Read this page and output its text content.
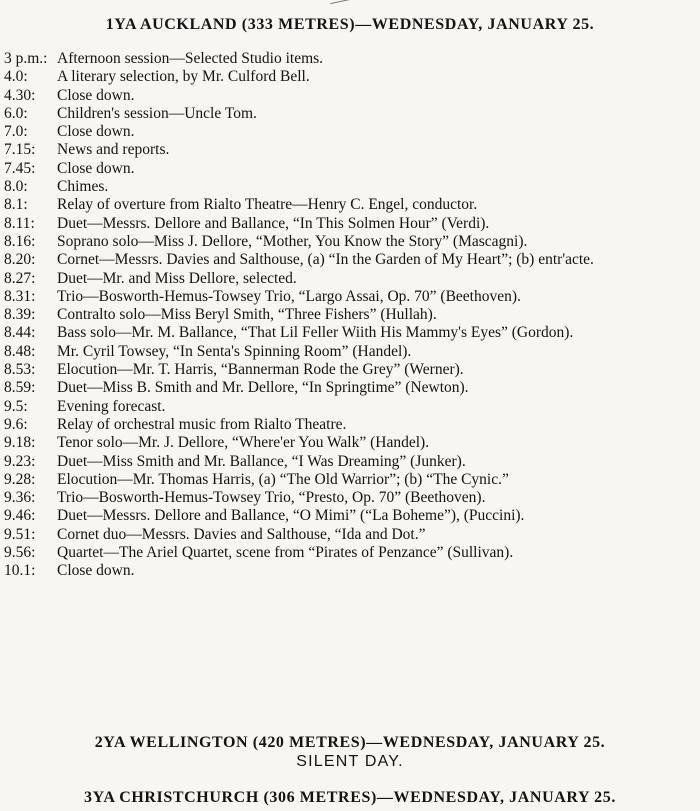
1YA AUCKLAND (333 METRES)—WEDNESDAY, JANUARY 25.
3 p.m.: Afternoon session—Selected Studio items.
4.0:	A literary selection, by Mr. Culford Bell.
4.30:	Close down.
6.0:	Children's session—Uncle Tom.
7.0:	Close down.
7.15:	News and reports.
7.45:	Close down.
8.0:	Chimes.
8.1:	Relay of overture from Rialto Theatre—Henry C. Engel, conductor.
8.11:	Duet—Messrs. Dellore and Ballance, “In This Solmen Hour” (Verdi).
8.16:	Soprano solo—Miss J. Dellore, “Mother, You Know the Story” (Mascagni).
8.20:	Cornet—Messrs. Davies and Salthouse, (a) “In the Garden of My Heart”; (b) entr'acte.
8.27:	Duet—Mr. and Miss Dellore, selected.
8.31:	Trio—Bosworth-Hemus-Towsey Trio, “Largo Assai, Op. 70” (Beethoven).
8.39:	Contralto solo—Miss Beryl Smith, “Three Fishers” (Hullah).
8.44:	Bass solo—Mr. M. Ballance, “That Lil Feller Wiith His Mammy's Eyes” (Gordon).
8.48:	Mr. Cyril Towsey, “In Senta's Spinning Room” (Handel).
8.53:	Elocution—Mr. T. Harris, “Bannerman Rode the Grey” (Werner).
8.59:	Duet—Miss B. Smith and Mr. Dellore, “In Springtime” (Newton).
9.5:	Evening forecast.
9.6:	Relay of orchestral music from Rialto Theatre.
9.18:	Tenor solo—Mr. J. Dellore, “Where'er You Walk” (Handel).
9.23:	Duet—Miss Smith and Mr. Ballance, “I Was Dreaming” (Junker).
9.28:	Elocution—Mr. Thomas Harris, (a) “The Old Warrior”; (b) “The Cynic.”
9.36:	Trio—Bosworth-Hemus-Towsey Trio, “Presto, Op. 70” (Beethoven).
9.46:	Duet—Messrs. Dellore and Ballance, “O Mimi” (“La Boheme”), (Puccini).
9.51:	Cornet duo—Messrs. Davies and Salthouse, “Ida and Dot.”
9.56:	Quartet—The Ariel Quartet, scene from “Pirates of Penzance” (Sullivan).
10.1:	Close down.
2YA WELLINGTON (420 METRES)—WEDNESDAY, JANUARY 25.
SILENT DAY.
3YA CHRISTCHURCH (306 METRES)—WEDNESDAY, JANUARY 25.
